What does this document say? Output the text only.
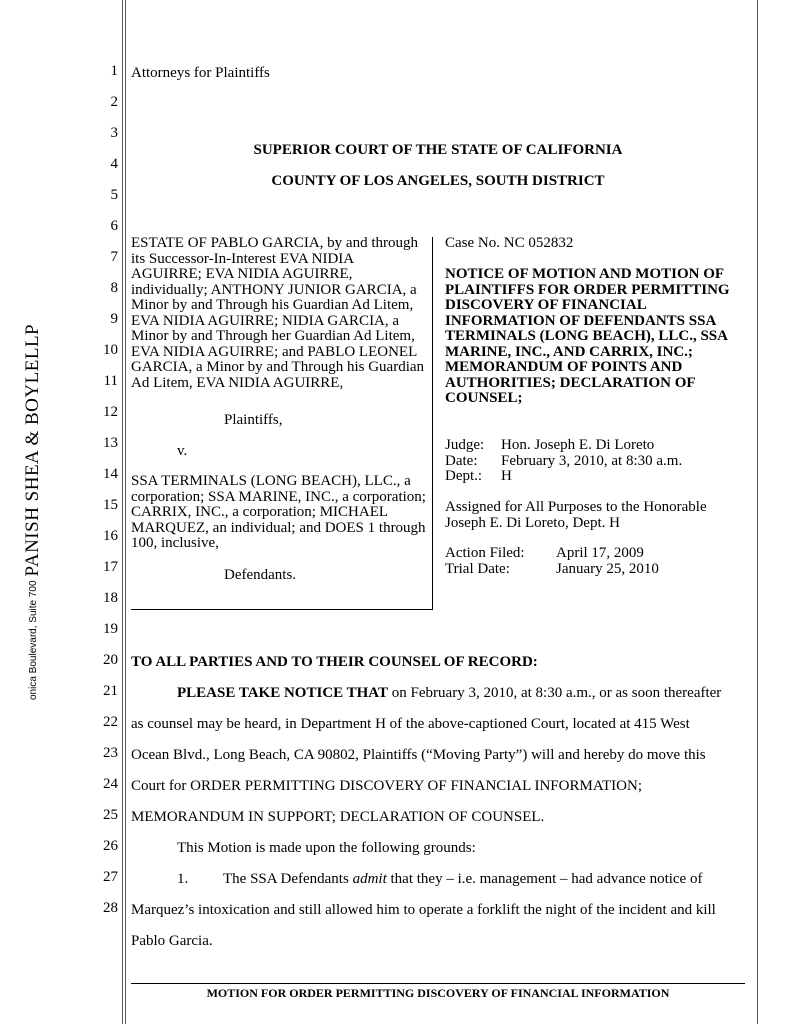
onica Boulevard, Suite 700 PANISH SHEA & BOYLELLP
1
2
3
4
5
6
7
8
9
10
11
12
13
14
15
16
17
18
19
20
21
22
23
24
25
26
27
28
Attorneys for Plaintiffs
SUPERIOR COURT OF THE STATE OF CALIFORNIA
COUNTY OF LOS ANGELES, SOUTH DISTRICT
ESTATE OF PABLO GARCIA, by and through its Successor-In-Interest EVA NIDIA AGUIRRE; EVA NIDIA AGUIRRE, individually; ANTHONY JUNIOR GARCIA, a Minor by and Through his Guardian Ad Litem, EVA NIDIA AGUIRRE; NIDIA GARCIA, a Minor by and Through her Guardian Ad Litem, EVA NIDIA AGUIRRE; and PABLO LEONEL GARCIA, a Minor by and Through his Guardian Ad Litem, EVA NIDIA AGUIRRE,
Plaintiffs,
v.
SSA TERMINALS (LONG BEACH), LLC., a corporation; SSA MARINE, INC., a corporation; CARRIX, INC., a corporation; MICHAEL MARQUEZ, an individual; and DOES 1 through 100, inclusive,
Defendants.
Case No. NC 052832
NOTICE OF MOTION AND MOTION OF PLAINTIFFS FOR ORDER PERMITTING DISCOVERY OF FINANCIAL INFORMATION OF DEFENDANTS SSA TERMINALS (LONG BEACH), LLC., SSA MARINE, INC., AND CARRIX, INC.; MEMORANDUM OF POINTS AND AUTHORITIES; DECLARATION OF COUNSEL;
Judge:	Hon. Joseph E. Di Loreto
Date:	February 3, 2010, at 8:30 a.m.
Dept.:	H
Assigned for All Purposes to the Honorable Joseph E. Di Loreto, Dept. H
Action Filed:	April 17, 2009
Trial Date:	January 25, 2010
TO ALL PARTIES AND TO THEIR COUNSEL OF RECORD:
PLEASE TAKE NOTICE THAT on February 3, 2010, at 8:30 a.m., or as soon thereafter
as counsel may be heard, in Department H of the above-captioned Court, located at 415 West
Ocean Blvd., Long Beach, CA 90802, Plaintiffs (“Moving Party”) will and hereby do move this
Court for ORDER PERMITTING DISCOVERY OF FINANCIAL INFORMATION;
MEMORANDUM IN SUPPORT; DECLARATION OF COUNSEL.
This Motion is made upon the following grounds:
1. The SSA Defendants admit that they – i.e. management – had advance notice of
Marquez’s intoxication and still allowed him to operate a forklift the night of the incident and kill
Pablo Garcia.
MOTION FOR ORDER PERMITTING DISCOVERY OF FINANCIAL INFORMATION
